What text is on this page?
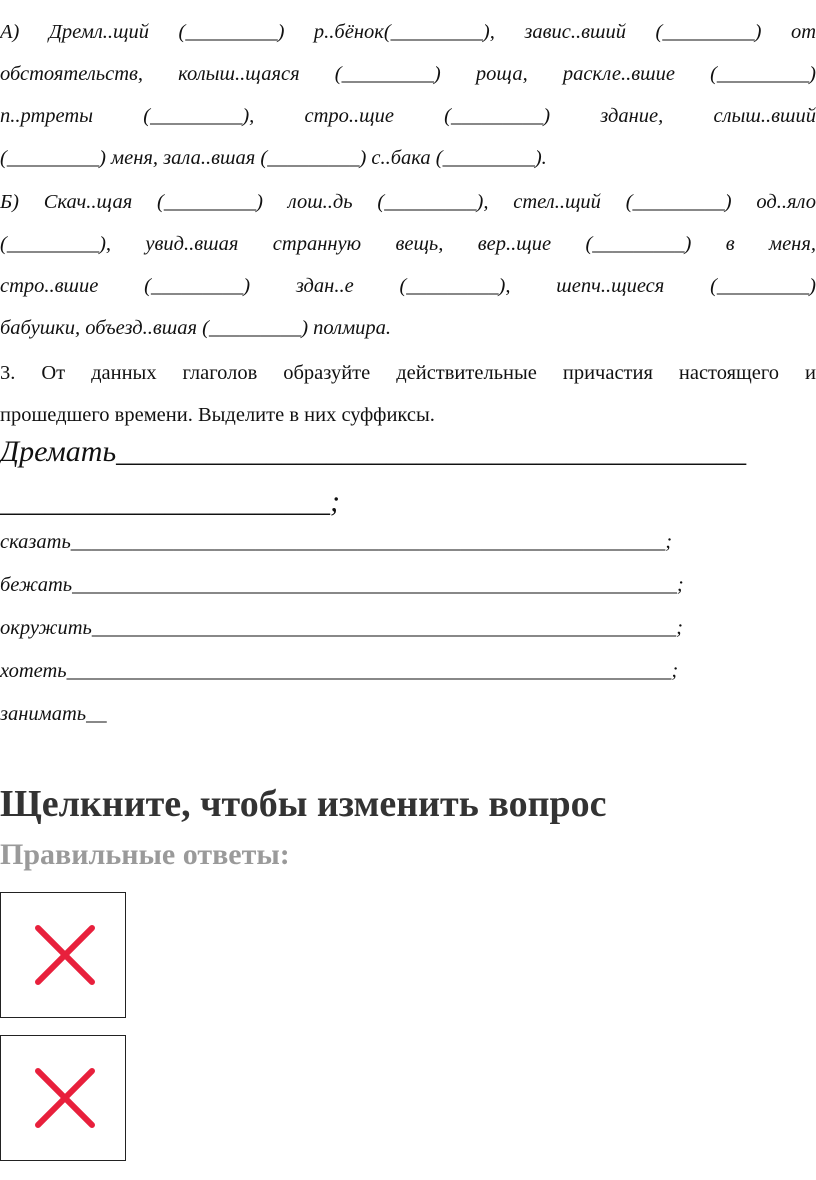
А) Дремл..щий (_________) р..бёнок(_________), завис..вший (_________) от
обстоятельств, колыш..щаяся (_________) роща, раскле..вшие (_________)
п..ртреты (_________), стро..щие (_________) здание, слыш..вший
(_________) меня, зала..вшая (_________) с..бака (_________).
Б) Скач..щая (_________) лош..дь (_________), стел..щий (_________) од..яло
(_________), увид..вшая странную вещь, вер..щие (_________) в меня,
стро..вшие (_________) здан..е (_________), шепч..щиеся (_________)
бабушки, объезд..вшая (_________) полмира.
3. От данных глаголов образуйте действительные причастия настоящего и
прошедшего времени. Выделите в них суффиксы.
Дремать__________________________________________
______________________;
сказать__________________________________________________________;
бежать___________________________________________________________;
окружить_________________________________________________________;
хотеть___________________________________________________________;
занимать__
Щелкните, чтобы изменить вопрос
Правильные ответы:
